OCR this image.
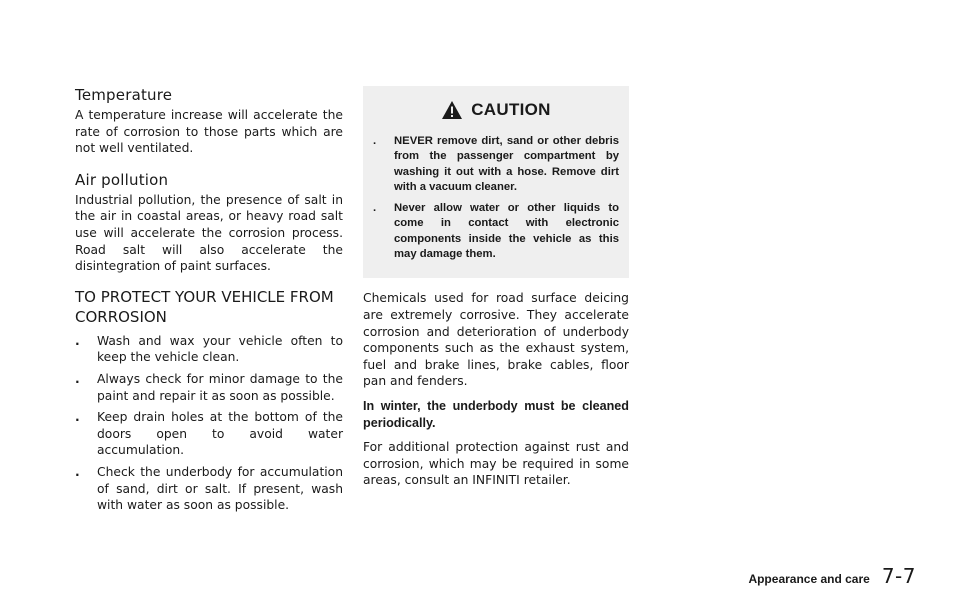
Temperature

A temperature increase will accelerate the rate of corrosion to those parts which are not well ventilated.

Air pollution

Industrial pollution, the presence of salt in the air in coastal areas, or heavy road salt use will accelerate the corrosion process. Road salt will also accelerate the disintegration of paint surfaces.

TO PROTECT YOUR VEHICLE FROM
CORROSION
. Wash and wax your vehicle often to keep the vehicle clean.
. Always check for minor damage to the paint and repair it as soon as possible.
. Keep drain holes at the bottom of the doors open to avoid water accumulation.
. Check the underbody for accumulation of sand, dirt or salt. If present, wash with water as soon as possible.
CAUTION
. NEVER remove dirt, sand or other debris from the passenger compartment by washing it out with a hose. Remove dirt with a vacuum cleaner.
. Never allow water or other liquids to come in contact with electronic components inside the vehicle as this may damage them.

Chemicals used for road surface deicing are extremely corrosive. They accelerate corrosion and deterioration of underbody components such as the exhaust system, fuel and brake lines, brake cables, floor pan and fenders.

In winter, the underbody must be cleaned periodically.

For additional protection against rust and corrosion, which may be required in some areas, consult an INFINITI retailer.

Appearance and care 7-7
